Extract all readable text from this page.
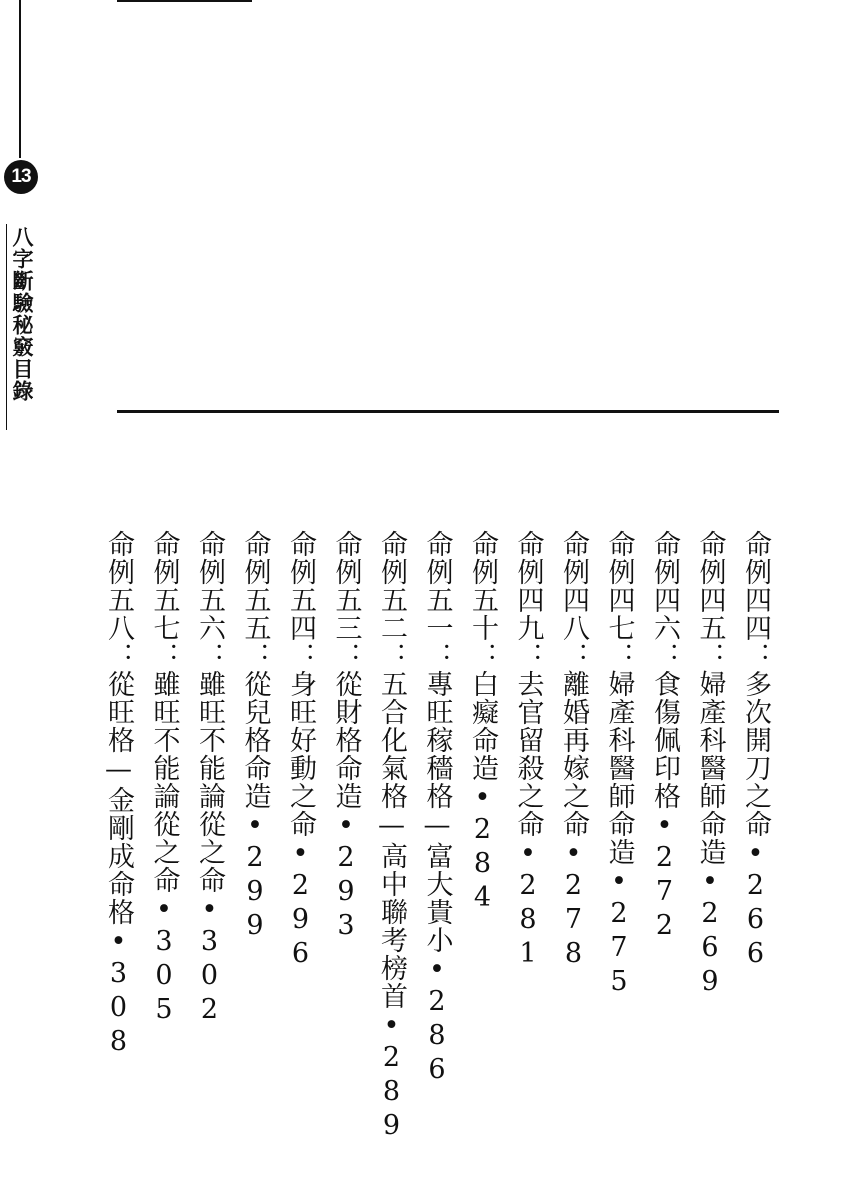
13
八字斷驗秘竅目錄
命例四四：多次開刀之命•266
命例四五：婦產科醫師命造•269
命例四六：食傷佩印格•272
命例四七：婦產科醫師命造•275
命例四八：離婚再嫁之命•278
命例四九：去官留殺之命•281
命例五十：白癡命造•284
命例五一：專旺稼穡格—富大貴小•286
命例五二：五合化氣格—高中聯考榜首•289
命例五三：從財格命造•293
命例五四：身旺好動之命•296
命例五五：從兒格命造•299
命例五六：雖旺不能論從之命•302
命例五七：雖旺不能論從之命•305
命例五八：從旺格—金剛成命格•308
